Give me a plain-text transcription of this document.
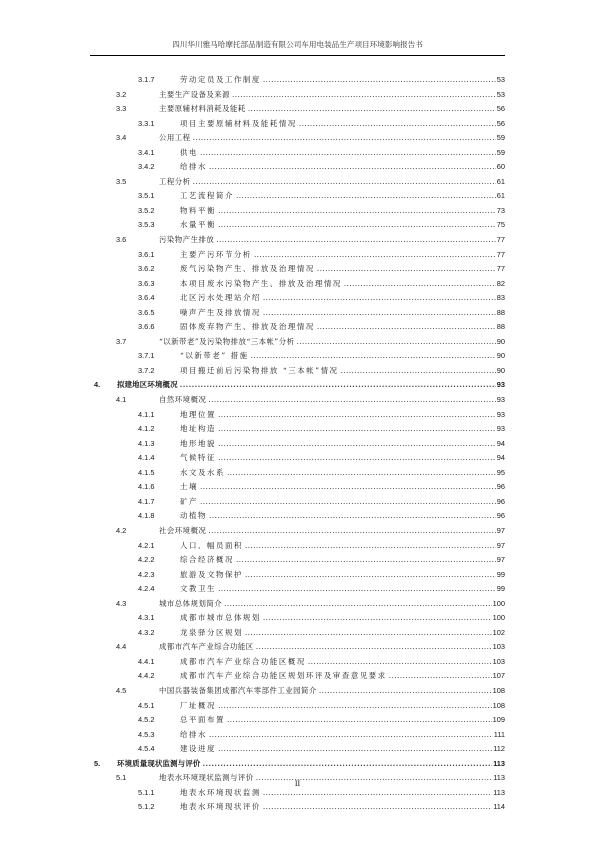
四川华川雅马哈摩托部品制造有限公司车用电装品生产项目环境影响报告书
3.1.7	劳动定员及工作制度 .....	53
3.2	主要生产设备及来源 .....	53
3.3	主要原辅材料消耗及能耗 .....	56
3.3.1	项目主要原辅材料及能耗情况 .....	56
3.4	公用工程 .....	59
3.4.1	供电 .....	59
3.4.2	给排水 .....	60
3.5	工程分析 .....	61
3.5.1	工艺流程简介 .....	61
3.5.2	物料平衡 .....	73
3.5.3	水量平衡 .....	75
3.6	污染物产生排放 .....	77
3.6.1	主要产污环节分析 .....	77
3.6.2	废气污染物产生、排放及治理情况 .....	77
3.6.3	本项目废水污染物产生、排放及治理情况 .....	82
3.6.4	北区污水处理站介绍 .....	83
3.6.5	噪声产生及排放情况 .....	88
3.6.6	固体废弃物产生、排放及治理情况 .....	88
3.7	“以新带老”及污染物排放“三本帐”分析 .....	90
3.7.1	“以新带老” 措施 .....	90
3.7.2	项目搬迁前后污染物排放 “三本帐”情况 .....	90
4. 拟建地区环境概况 .....	93
4.1	自然环境概况 .....	93
4.1.1	地理位置 .....	93
4.1.2	地址构造 .....	93
4.1.3	地形地貌 .....	94
4.1.4	气候特征 .....	94
4.1.5	水文及水系 .....	95
4.1.6	土壤 .....	96
4.1.7	矿产 .....	96
4.1.8	动植物 .....	96
4.2	社会环境概况 .....	97
4.2.1	人口、幅员面积 .....	97
4.2.2	综合经济概况 .....	97
4.2.3	旅游及文物保护 .....	99
4.2.4	文教卫生 .....	99
4.3	城市总体规划简介 .....	100
4.3.1	成都市城市总体规划 .....	100
4.3.2	龙泉驿分区规划 .....	102
4.4	成都市汽车产业综合功能区 .....	103
4.4.1	成都市汽车产业综合功能区概况 .....	103
4.4.2	成都市汽车产业综合功能区规划环评及审查意见要求 .....	107
4.5	中国兵器装备集团成都汽车零部件工业园简介 .....	108
4.5.1	厂址概况 .....	108
4.5.2	总平面布置 .....	109
4.5.3	给排水 .....	111
4.5.4	建设进度 .....	112
5. 环境质量现状监测与评价 .....	113
5.1	地表水环境现状监测与评价 .....	113
5.1.1	地表水环境现状监测 .....	113
5.1.2	地表水环境现状评价 .....	114
II
